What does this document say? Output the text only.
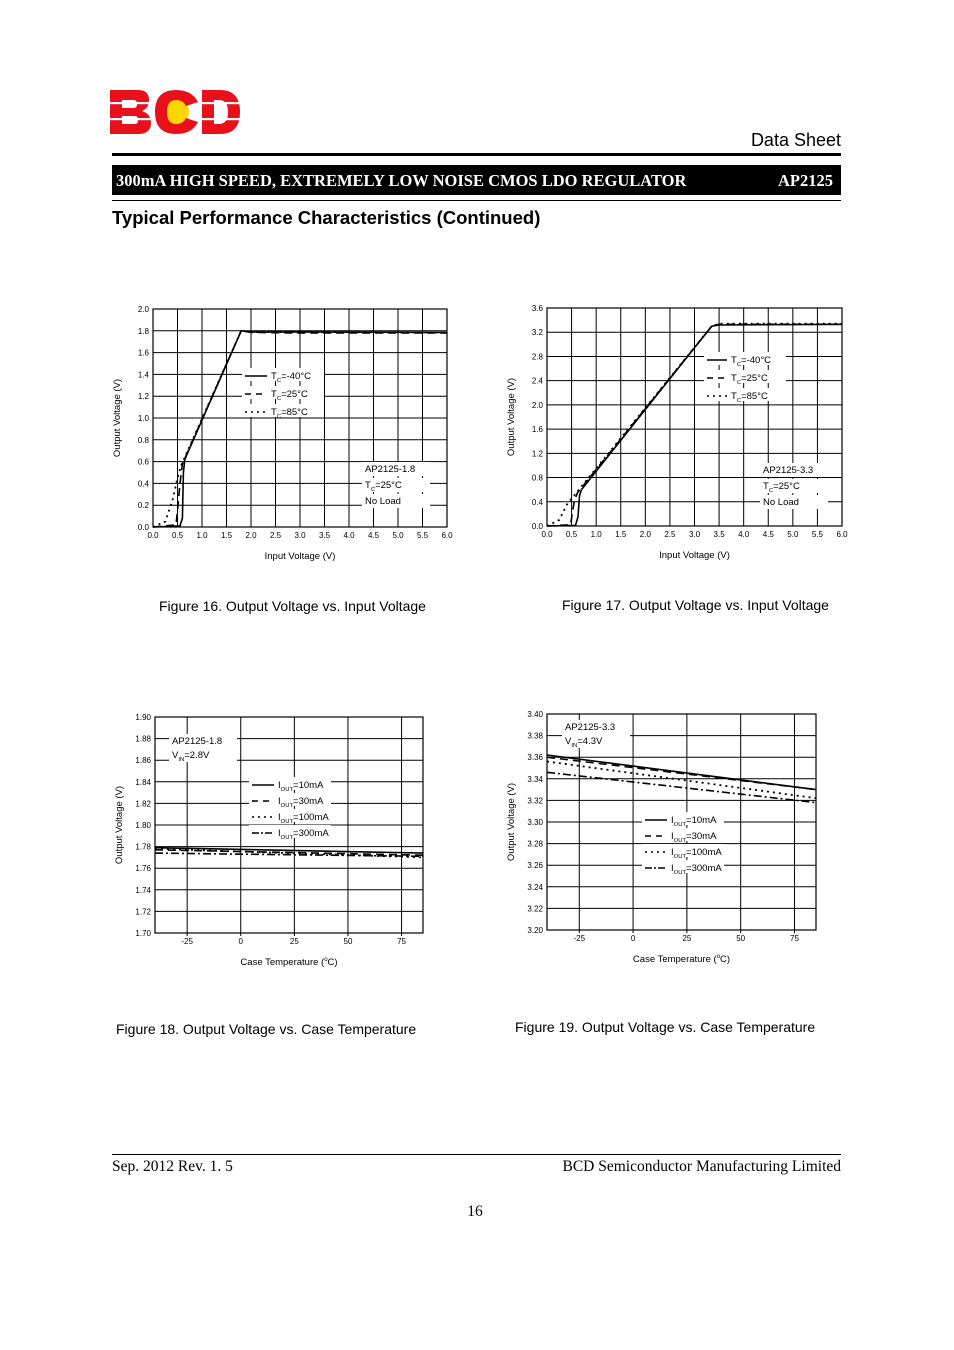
Data Sheet
300mA HIGH SPEED, EXTREMELY LOW NOISE CMOS LDO REGULATOR	AP2125
Typical Performance Characteristics (Continued)
0.0
0.2
0.4
0.6
0.8
1.0
1.2
1.4
1.6
1.8
2.0
0.0 0.5 1.0 1.5 2.0 2.5 3.0 3.5 4.0 4.5 5.0 5.5 6.0
Input Voltage (V)
Output Voltage (V)
$T_C=-40^\circ C$
$T_C=25^\circ C$
$T_C=85^\circ C$
AP2125-1.8
$T_C=25^\circ C$
No Load
0.0
0.4
0.8
1.2
1.6
2.0
2.4
2.8
3.2
3.6
0.0 0.5 1.0 1.5 2.0 2.5 3.0 3.5 4.0 4.5 5.0 5.5 6.0
Input Voltage (V)
Output Voltage (V)
$T_C=-40^\circ C$
$T_C=25^\circ C$
$T_C=85^\circ C$
AP2125-3.3
$T_C=25^\circ C$
No Load
1.70
1.72
1.74
1.76
1.78
1.80
1.82
1.84
1.86
1.88
1.90
-25	0	25	50	75
Case Temperature ($^o$C)
Output Voltage (V)
$I_{OUT}=10mA$
$I_{OUT}=30mA$
$I_{OUT}=100mA$
$I_{OUT}=300mA$
AP2125-1.8
$V_{IN}=2.8V$
3.20
3.22
3.24
3.26
3.28
3.30
3.32
3.34
3.36
3.38
3.40
-25	0	25	50	75
Case Temperature ($^o$C)
Output Voltage (V)	$I_{OUT}=10mA$
$I_{OUT}=30mA$
$I_{OUT}=100mA$
$I_{OUT}=300mA$
AP2125-3.3
$V_{IN}=4.3V$
Figure 16. Output Voltage vs. Input Voltage	Figure 17. Output Voltage vs. Input Voltage
Figure 18. Output Voltage vs. Case Temperature	Figure 19. Output Voltage vs. Case Temperature
Sep. 2012 Rev. 1. 5	BCD Semiconductor Manufacturing Limited
16
